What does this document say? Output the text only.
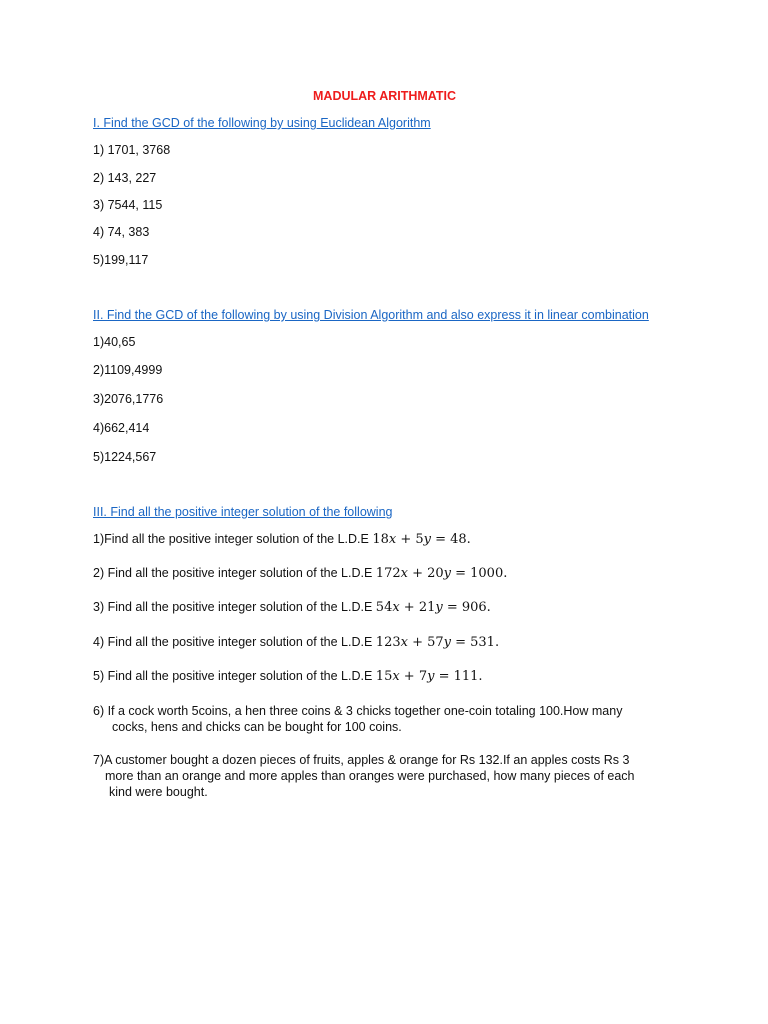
MADULAR ARITHMATIC
I. Find the GCD of the following by using Euclidean Algorithm
1) 1701, 3768
2) 143, 227
3) 7544, 115
4) 74, 383
5)199,117
II. Find the GCD of the following by using Division Algorithm and also express it in linear combination
1)40,65
2)1109,4999
3)2076,1776
4)662,414
5)1224,567
III. Find all the positive integer solution of the following
1)Find all the positive integer solution of the L.D.E 18𝑥 + 5𝑦 = 48.
2) Find all the positive integer solution of the L.D.E 172𝑥 + 20𝑦 = 1000.
3) Find all the positive integer solution of the L.D.E 54𝑥 + 21𝑦 = 906.
4) Find all the positive integer solution of the L.D.E 123𝑥 + 57𝑦 = 531.
5) Find all the positive integer solution of the L.D.E 15𝑥 + 7𝑦 = 111.
6) If a cock worth 5coins, a hen three coins & 3 chicks together one-coin totaling 100.How many
cocks, hens and chicks can be bought for 100 coins.
7)A customer bought a dozen pieces of fruits, apples & orange for Rs 132.If an apples costs Rs 3
more than an orange and more apples than oranges were purchased, how many pieces of each
kind were bought.
